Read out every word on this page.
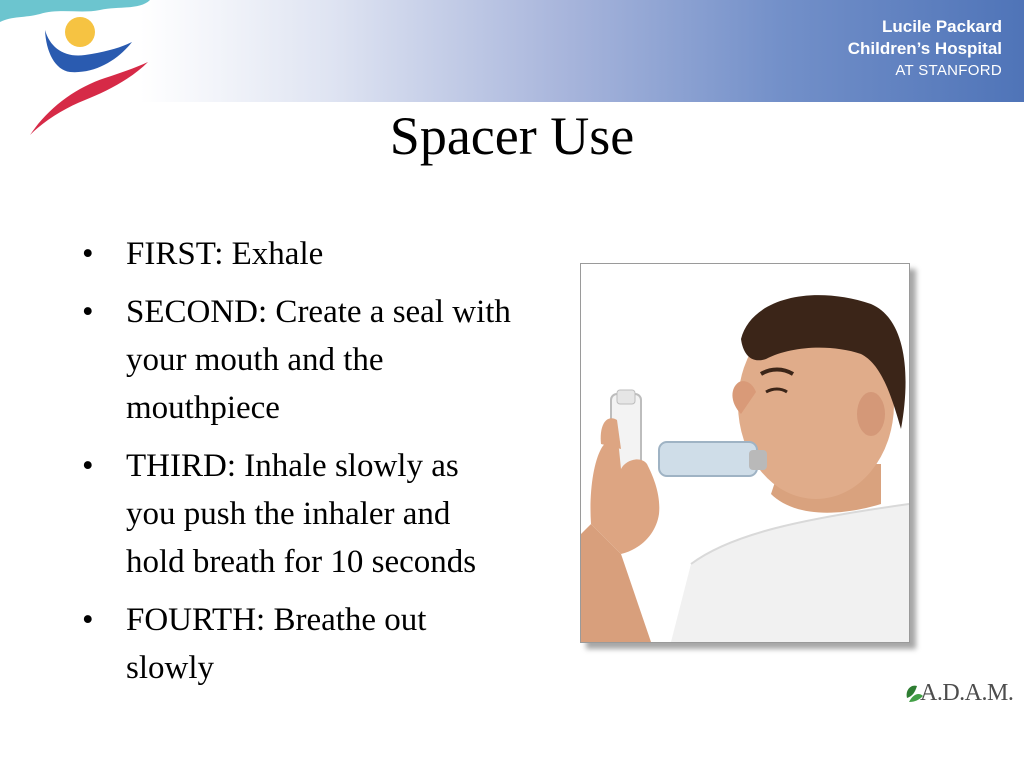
Lucile Packard
Children’s Hospital
AT STANFORD
Spacer Use
• FIRST: Exhale
• SECOND: Create a seal with your mouth and the mouthpiece
• THIRD: Inhale slowly as you push the inhaler and hold breath for 10 seconds
• FOURTH: Breathe out slowly
A.D.A.M.
